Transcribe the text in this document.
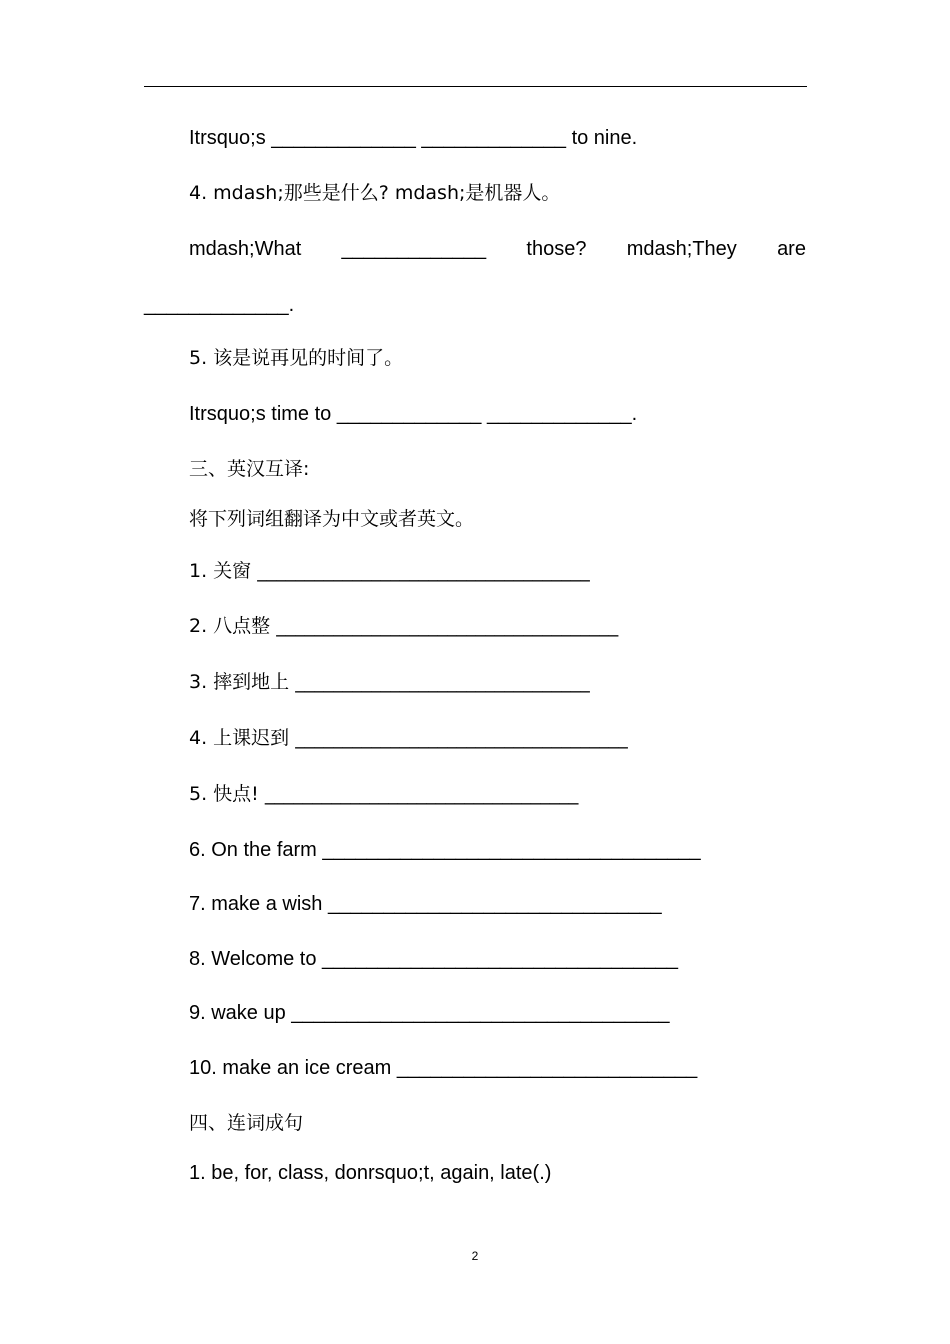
Itrsquo;s _____________ _____________ to nine.
4. mdash;那些是什么? mdash;是机器人。
mdash;What _____________ those? mdash;They are
_____________.
5. 该是说再见的时间了。
Itrsquo;s time to _____________ _____________.
三、英汉互译:
将下列词组翻译为中文或者英文。
1. 关窗 ___________________________________
2. 八点整 ____________________________________
3. 摔到地上 _______________________________
4. 上课迟到 ___________________________________
5. 快点! _________________________________
6. On the farm __________________________________
7. make a wish ______________________________
8. Welcome to ________________________________
9. wake up __________________________________
10. make an ice cream ___________________________
四、连词成句
1. be, for, class, donrsquo;t, again, late(.)
2
